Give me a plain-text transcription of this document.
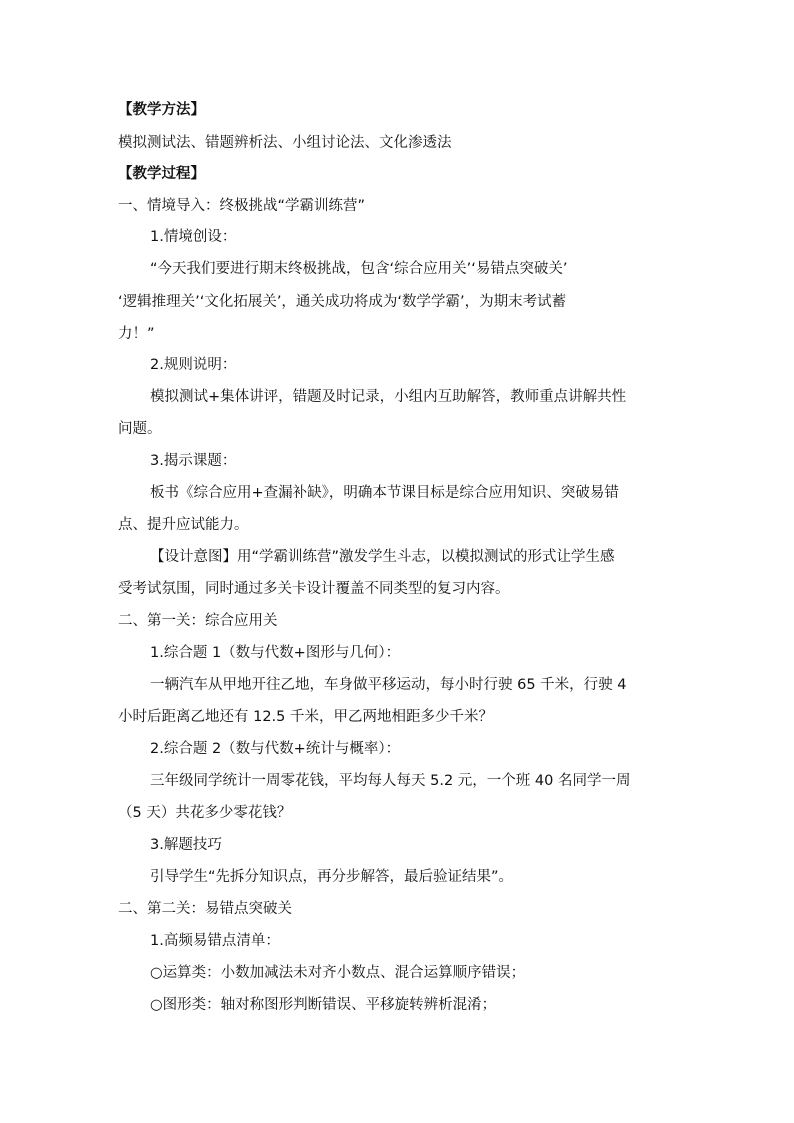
【教学方法】
模拟测试法、错题辨析法、小组讨论法、文化渗透法
【教学过程】
一、情境导入：终极挑战“学霸训练营”
1.情境创设：
“今天我们要进行期末终极挑战，包含‘综合应用关’‘易错点突破关’
‘逻辑推理关’‘文化拓展关’，通关成功将成为‘数学学霸’，为期末考试蓄
力！”
2.规则说明：
模拟测试+集体讲评，错题及时记录，小组内互助解答，教师重点讲解共性
问题。
3.揭示课题：
板书《综合应用+查漏补缺》，明确本节课目标是综合应用知识、突破易错
点、提升应试能力。
【设计意图】用“学霸训练营”激发学生斗志，以模拟测试的形式让学生感
受考试氛围，同时通过多关卡设计覆盖不同类型的复习内容。
二、第一关：综合应用关
1.综合题 1（数与代数+图形与几何）：
一辆汽车从甲地开往乙地，车身做平移运动，每小时行驶 65 千米，行驶 4
小时后距离乙地还有 12.5 千米，甲乙两地相距多少千米？
2.综合题 2（数与代数+统计与概率）：
三年级同学统计一周零花钱，平均每人每天 5.2 元，一个班 40 名同学一周
（5 天）共花多少零花钱？
3.解题技巧
引导学生“先拆分知识点，再分步解答，最后验证结果”。
二、第二关：易错点突破关
1.高频易错点清单：
○运算类：小数加减法未对齐小数点、混合运算顺序错误；
○图形类：轴对称图形判断错误、平移旋转辨析混淆；
